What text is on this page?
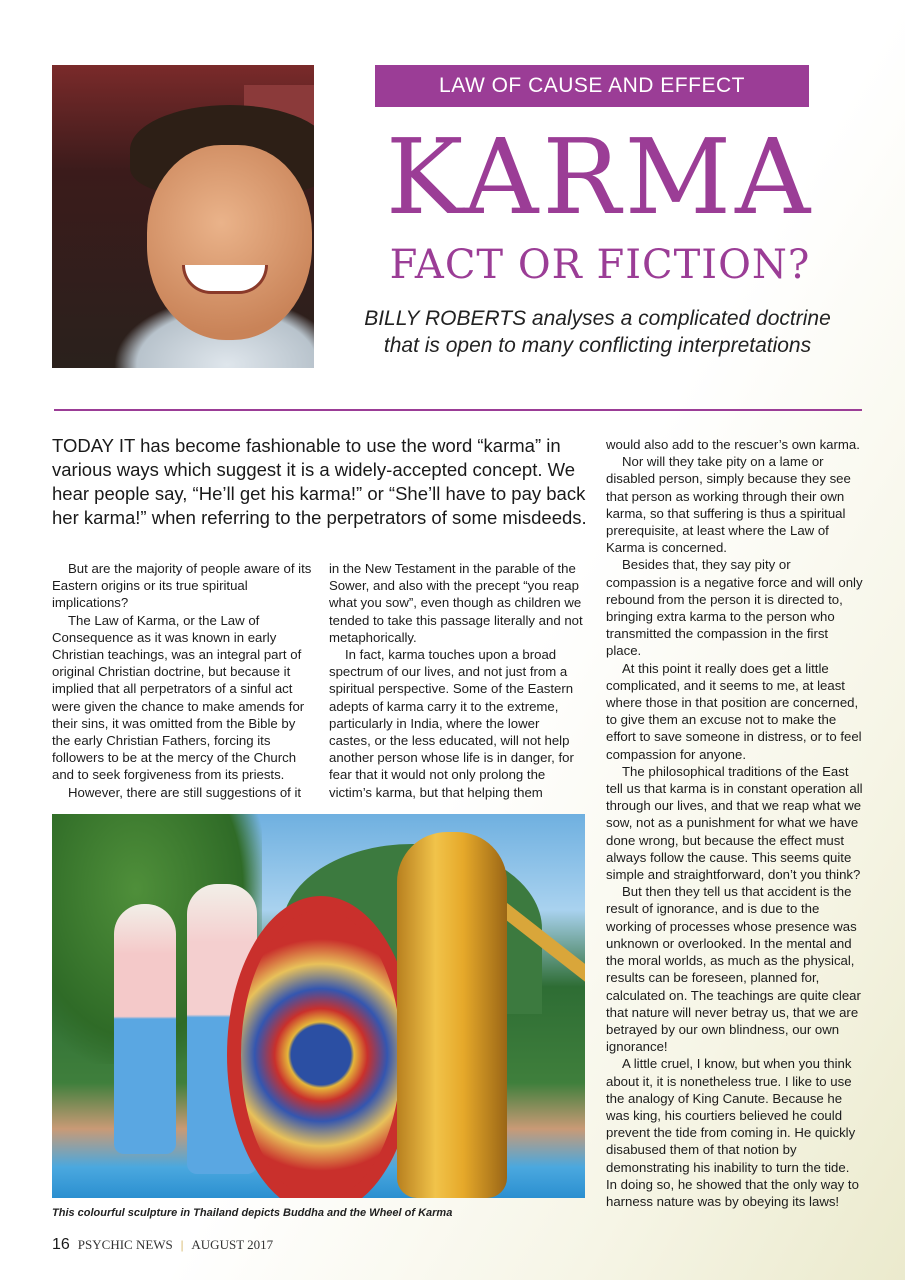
LAW OF CAUSE AND EFFECT
KARMA
FACT OR FICTION?
BILLY ROBERTS analyses a complicated doctrine that is open to many conflicting interpretations
TODAY IT has become fashionable to use the word “karma” in various ways which suggest it is a widely-accepted concept. We hear people say, “He’ll get his karma!” or “She’ll have to pay back her karma!” when referring to the perpetrators of some misdeeds.

But are the majority of people aware of its Eastern origins or its true spiritual implications?

The Law of Karma, or the Law of Consequence as it was known in early Christian teachings, was an integral part of original Christian doctrine, but because it implied that all perpetrators of a sinful act were given the chance to make amends for their sins, it was omitted from the Bible by the early Christian Fathers, forcing its followers to be at the mercy of the Church and to seek forgiveness from its priests.

However, there are still suggestions of it

in the New Testament in the parable of the Sower, and also with the precept “you reap what you sow”, even though as children we tended to take this passage literally and not metaphorically.

In fact, karma touches upon a broad spectrum of our lives, and not just from a spiritual perspective. Some of the Eastern adepts of karma carry it to the extreme, particularly in India, where the lower castes, or the less educated, will not help another person whose life is in danger, for fear that it would not only prolong the victim’s karma, but that helping them

would also add to the rescuer’s own karma.

Nor will they take pity on a lame or disabled person, simply because they see that person as working through their own karma, so that suffering is thus a spiritual prerequisite, at least where the Law of Karma is concerned.

Besides that, they say pity or compassion is a negative force and will only rebound from the person it is directed to, bringing extra karma to the person who transmitted the compassion in the first place.

At this point it really does get a little complicated, and it seems to me, at least where those in that position are concerned, to give them an excuse not to make the effort to save someone in distress, or to feel compassion for anyone.

The philosophical traditions of the East tell us that karma is in constant operation all through our lives, and that we reap what we sow, not as a punishment for what we have done wrong, but because the effect must always follow the cause. This seems quite simple and straightforward, don’t you think?

But then they tell us that accident is the result of ignorance, and is due to the working of processes whose presence was unknown or overlooked. In the mental and the moral worlds, as much as the physical, results can be foreseen, planned for, calculated on. The teachings are quite clear that nature will never betray us, that we are betrayed by our own blindness, our own ignorance!

A little cruel, I know, but when you think about it, it is nonetheless true. I like to use the analogy of King Canute. Because he was king, his courtiers believed he could prevent the tide from coming in. He quickly disabused them of that notion by demonstrating his inability to turn the tide. In doing so, he showed that the only way to harness nature was by obeying its laws!

This colourful sculpture in Thailand depicts Buddha and the Wheel of Karma
16 PSYCHIC NEWS | AUGUST 2017
